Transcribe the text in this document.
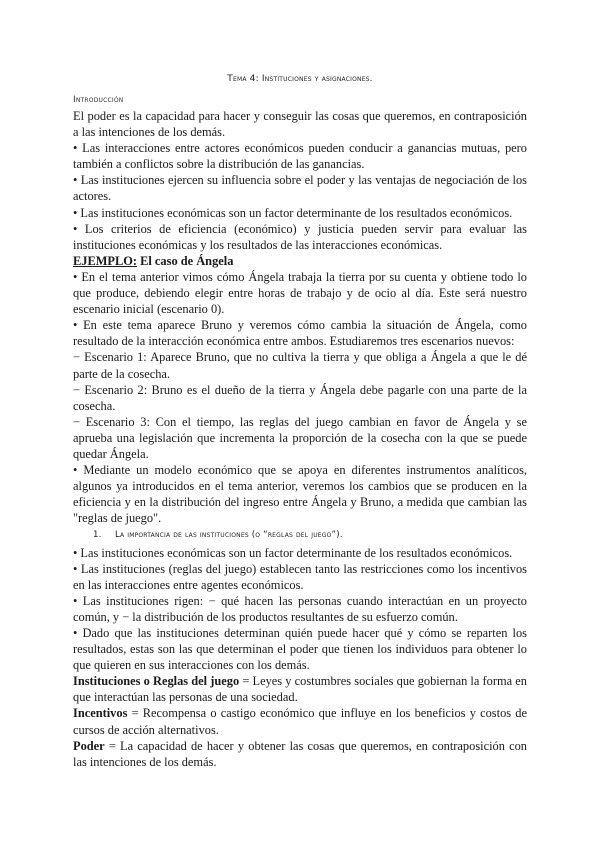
Tema 4: Instituciones y asignaciones.
Introducción

El poder es la capacidad para hacer y conseguir las cosas que queremos, en contraposición a las intenciones de los demás.

• Las interacciones entre actores económicos pueden conducir a ganancias mutuas, pero también a conflictos sobre la distribución de las ganancias.

• Las instituciones ejercen su influencia sobre el poder y las ventajas de negociación de los actores.

• Las instituciones económicas son un factor determinante de los resultados económicos.

• Los criterios de eficiencia (económico) y justicia pueden servir para evaluar las instituciones económicas y los resultados de las interacciones económicas.

EJEMPLO: El caso de Ángela

• En el tema anterior vimos cómo Ángela trabaja la tierra por su cuenta y obtiene todo lo que produce, debiendo elegir entre horas de trabajo y de ocio al día. Este será nuestro escenario inicial (escenario 0).

• En este tema aparece Bruno y veremos cómo cambia la situación de Ángela, como resultado de la interacción económica entre ambos. Estudiaremos tres escenarios nuevos:

− Escenario 1: Aparece Bruno, que no cultiva la tierra y que obliga a Ángela a que le dé parte de la cosecha.

− Escenario 2: Bruno es el dueño de la tierra y Ángela debe pagarle con una parte de la cosecha.

− Escenario 3: Con el tiempo, las reglas del juego cambian en favor de Ángela y se aprueba una legislación que incrementa la proporción de la cosecha con la que se puede quedar Ángela.

• Mediante un modelo económico que se apoya en diferentes instrumentos analíticos, algunos ya introducidos en el tema anterior, veremos los cambios que se producen en la eficiencia y en la distribución del ingreso entre Ángela y Bruno, a medida que cambian las "reglas de juego".

1. La importancia de las instituciones (o “reglas del juego”).

• Las instituciones económicas son un factor determinante de los resultados económicos.

• Las instituciones (reglas del juego) establecen tanto las restricciones como los incentivos en las interacciones entre agentes económicos.

• Las instituciones rigen: − qué hacen las personas cuando interactúan en un proyecto común, y − la distribución de los productos resultantes de su esfuerzo común.

• Dado que las instituciones determinan quién puede hacer qué y cómo se reparten los resultados, estas son las que determinan el poder que tienen los individuos para obtener lo que quieren en sus interacciones con los demás.

Instituciones o Reglas del juego = Leyes y costumbres sociales que gobiernan la forma en que interactúan las personas de una sociedad.

Incentivos = Recompensa o castigo económico que influye en los beneficios y costos de cursos de acción alternativos.

Poder = La capacidad de hacer y obtener las cosas que queremos, en contraposición con las intenciones de los demás.
